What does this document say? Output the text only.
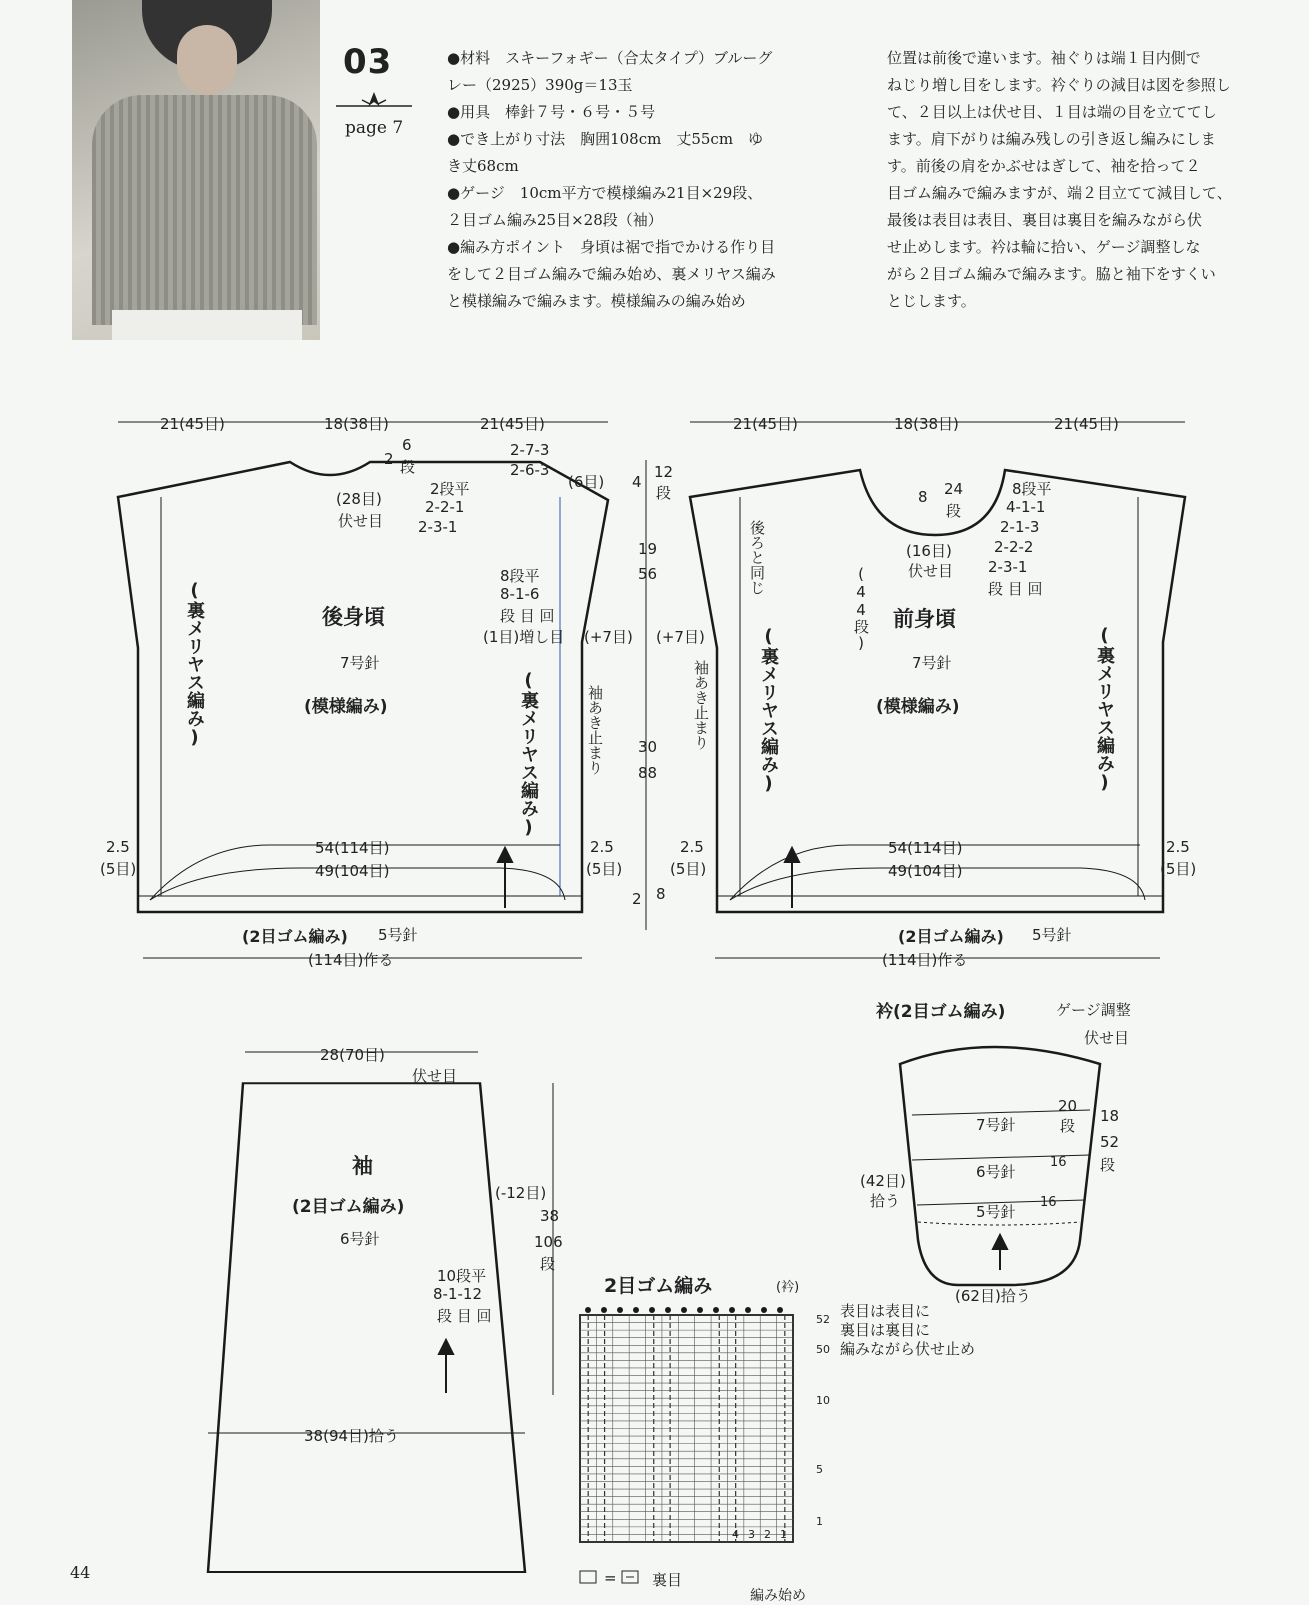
03
page 7
●材料　スキーフォギー（合太タイプ）ブルーグ
レー（2925）390g＝13玉
●用具　棒針７号・６号・５号
●でき上がり寸法　胸囲108cm　丈55cm　ゆ
き丈68cm
●ゲージ　10cm平方で模様編み21目×29段、
２目ゴム編み25目×28段（袖）
●編み方ポイント　身頃は裾で指でかける作り目
をして２目ゴム編みで編み始め、裏メリヤス編み
と模様編みで編みます。模様編みの編み始め
位置は前後で違います。袖ぐりは端１目内側で
ねじり増し目をします。衿ぐりの減目は図を参照し
て、２目以上は伏せ目、１目は端の目を立ててし
ます。肩下がりは編み残しの引き返し編みにしま
す。前後の肩をかぶせはぎして、袖を拾って２
目ゴム編みで編みますが、端２目立てて減目して、
最後は表目は表目、裏目は裏目を編みながら伏
せ止めします。衿は輪に拾い、ゲージ調整しな
がら２目ゴム編みで編みます。脇と袖下をすくい
とじします。
21(45目)	18(38目)	21(45目)
2
6
段
(28目)
伏せ目
2段平
2-2-1
2-3-1
2-7-3
2-6-3
(6目)
8段平
8-1-6
段 目 回
(1目)増し目 (+7目)
後身頃
7号針
(模様編み)
(裏メリヤス編み)
(裏メリヤス編み)	袖あき止まり
54(114目)
49(104目)
2.5
(5目)
2.5
(5目)
(2目ゴム編み) 5号針
(114目)作る
4
12
段
19
56
(+7目)
30
88
2 8
21(45目)	18(38目)	21(45目)
8 24
段
8段平
4-1-1
2-1-3
2-2-2
2-3-1
段 目 回
(16目)
伏せ目
(44段)
後ろと同じ
前身頃
7号針
(模様編み)
(裏メリヤス編み)	(裏メリヤス編み)
袖あき止まり
54(114目)
49(104目)
2.5
(5目)
2.5
(5目)
(2目ゴム編み) 5号針
(114目)作る
衿(2目ゴム編み)	ゲージ調整
伏せ目
7号針
6号針
5号針
20
段
16
16
18
52
段
(42目)
拾う
(62目)拾う
28(70目)
伏せ目
袖
(2目ゴム編み)
6号針
(-12目)
38
106
段
10段平
8-1-12
段 目 回
38(94目)拾う
2目ゴム編み	(衿)
表目は表目に
裏目は裏目に
編みながら伏せ止め
52
50
10
5
1
4 3 2 1
= 裏目
編み始め
44
